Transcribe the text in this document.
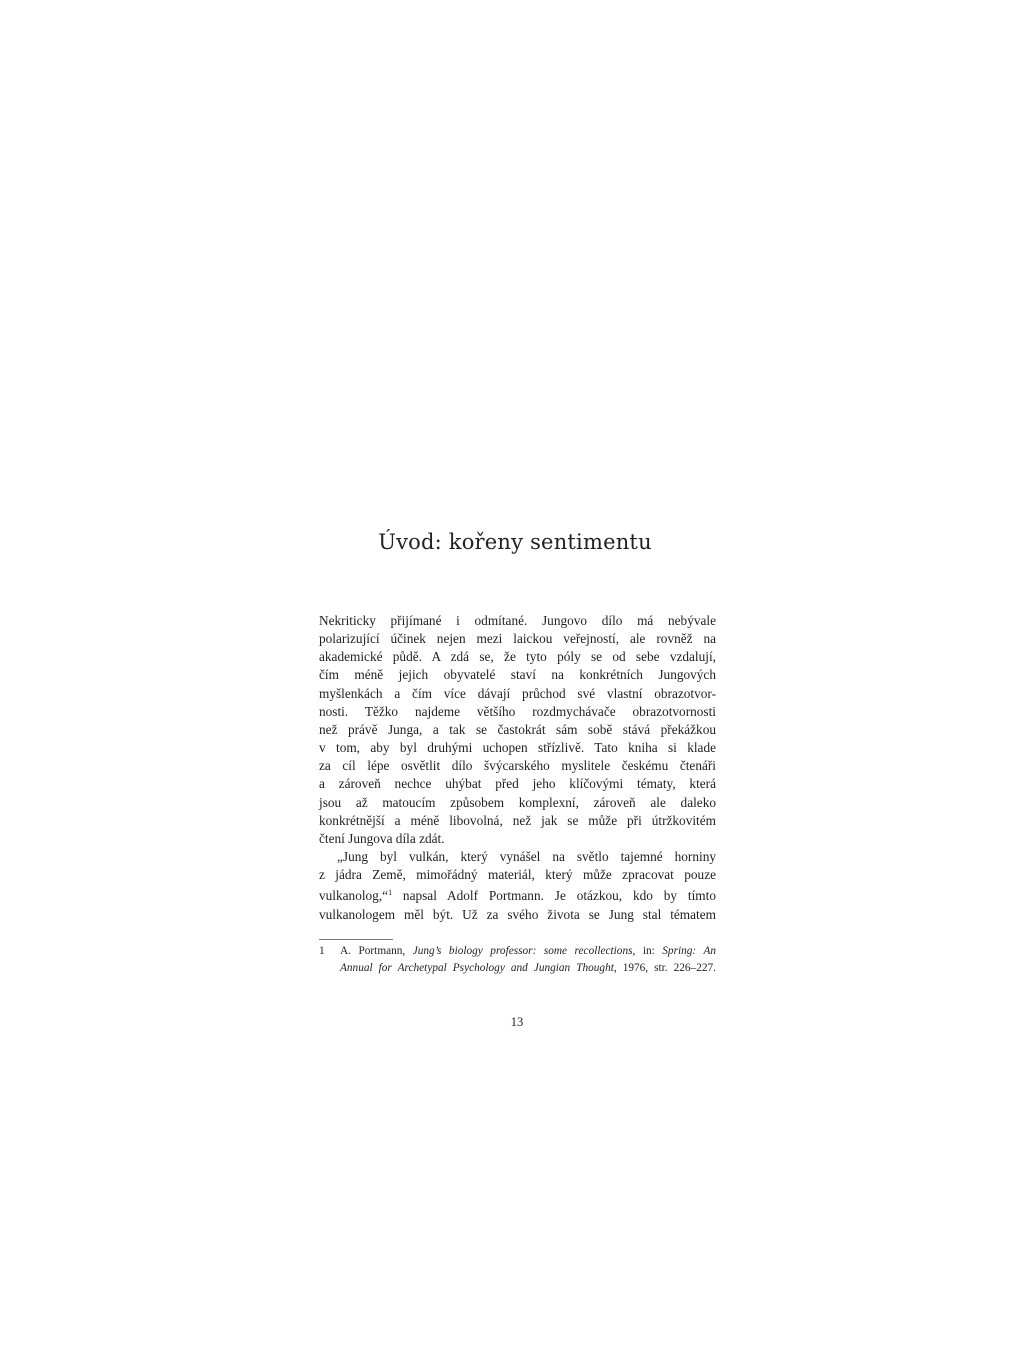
Úvod: kořeny sentimentu
Nekriticky přijímané i odmítané. Jungovo dílo má nebývale
polarizující účinek nejen mezi laickou veřejností, ale rovněž na
akademické půdě. A zdá se, že tyto póly se od sebe vzdalují,
čím méně jejich obyvatelé staví na konkrétních Jungových
myšlenkách a čím více dávají průchod své vlastní obrazotvor-
nosti. Těžko najdeme většího rozdmychávače obrazotvornosti
než právě Junga, a tak se častokrát sám sobě stává překážkou
v tom, aby byl druhými uchopen střízlivě. Tato kniha si klade
za cíl lépe osvětlit dílo švýcarského myslitele českému čtenáři
a zároveň nechce uhýbat před jeho klíčovými tématy, která
jsou až matoucím způsobem komplexní, zároveň ale daleko
konkrétnější a méně libovolná, než jak se může při útržkovitém
čtení Jungova díla zdát.
„Jung byl vulkán, který vynášel na světlo tajemné horniny
z jádra Země, mimořádný materiál, který může zpracovat pouze
vulkanolog,“$^1$ napsal Adolf Portmann. Je otázkou, kdo by tímto
vulkanologem měl být. Už za svého života se Jung stal tématem
1	A. Portmann, Jung’s biology professor: some recollections, in: Spring: An
Annual for Archetypal Psychology and Jungian Thought, 1976, str. 226–227.
13
